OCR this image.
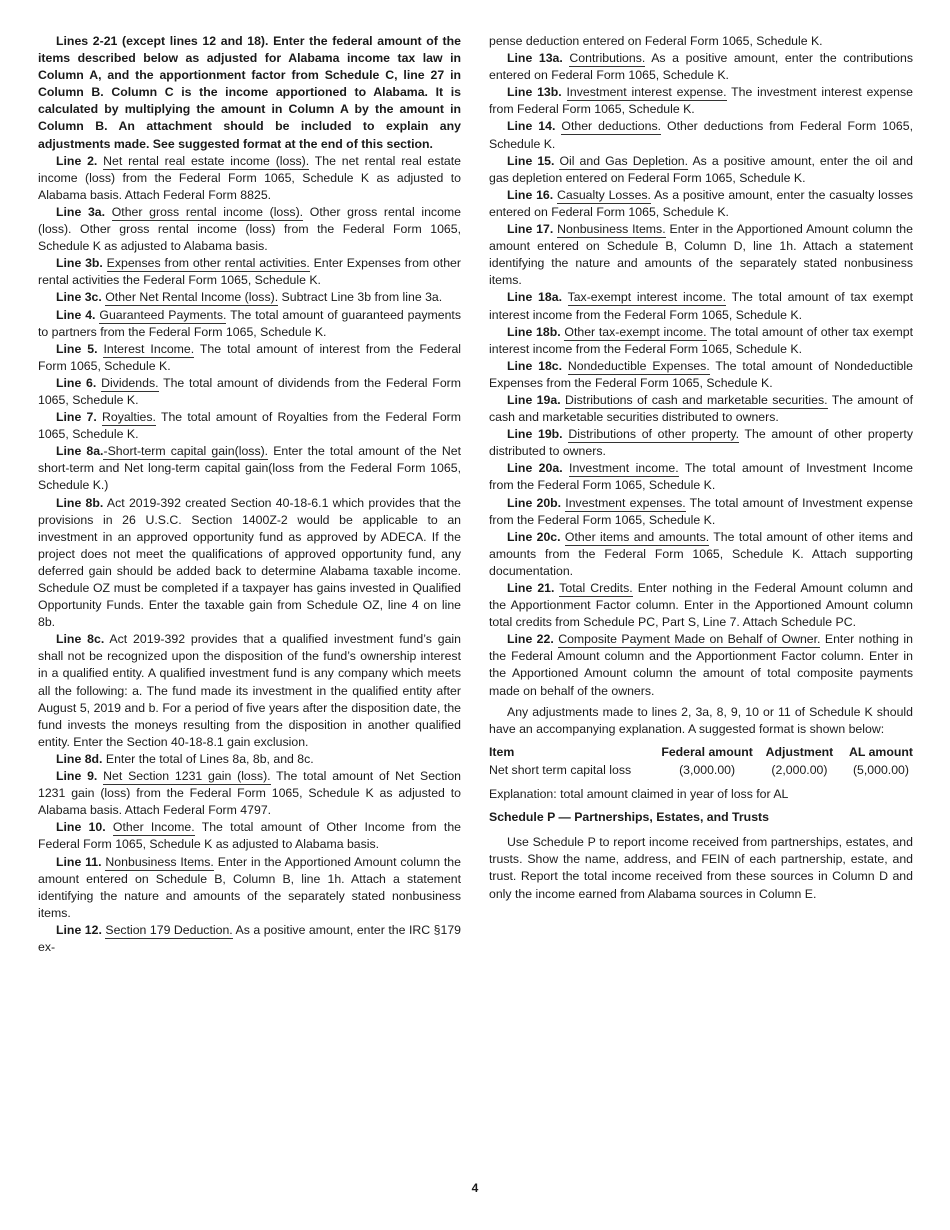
Lines 2-21 (except lines 12 and 18). Enter the federal amount of the items described below as adjusted for Alabama income tax law in Column A, and the apportionment factor from Schedule C, line 27 in Column B. Column C is the income apportioned to Alabama. It is calculated by multiplying the amount in Column A by the amount in Column B. An attachment should be included to explain any adjustments made. See suggested format at the end of this section.

Line 2. Net rental real estate income (loss). The net rental real estate income (loss) from the Federal Form 1065, Schedule K as adjusted to Alabama basis. Attach Federal Form 8825.

Line 3a. Other gross rental income (loss). Other gross rental income (loss). Other gross rental income (loss) from the Federal Form 1065, Schedule K as adjusted to Alabama basis.

Line 3b. Expenses from other rental activities. Enter Expenses from other rental activities the Federal Form 1065, Schedule K.

Line 3c. Other Net Rental Income (loss). Subtract Line 3b from line 3a.

Line 4. Guaranteed Payments. The total amount of guaranteed payments to partners from the Federal Form 1065, Schedule K.

Line 5. Interest Income. The total amount of interest from the Federal Form 1065, Schedule K.

Line 6. Dividends. The total amount of dividends from the Federal Form 1065, Schedule K.

Line 7. Royalties. The total amount of Royalties from the Federal Form 1065, Schedule K.

Line 8a.-Short-term capital gain(loss). Enter the total amount of the Net short-term and Net long-term capital gain(loss from the Federal Form 1065, Schedule K.)

Line 8b. Act 2019-392 created Section 40-18-6.1 which provides that the provisions in 26 U.S.C. Section 1400Z-2 would be applicable to an investment in an approved opportunity fund as approved by ADECA. If the project does not meet the qualifications of approved opportunity fund, any deferred gain should be added back to determine Alabama taxable income. Schedule OZ must be completed if a taxpayer has gains invested in Qualified Opportunity Funds. Enter the taxable gain from Schedule OZ, line 4 on line 8b.

Line 8c. Act 2019-392 provides that a qualified investment fund’s gain shall not be recognized upon the disposition of the fund’s ownership interest in a qualified entity. A qualified investment fund is any company which meets all the following: a. The fund made its investment in the qualified entity after August 5, 2019 and b. For a period of five years after the disposition date, the fund invests the moneys resulting from the disposition in another qualified entity. Enter the Section 40-18-8.1 gain exclusion.

Line 8d. Enter the total of Lines 8a, 8b, and 8c.

Line 9. Net Section 1231 gain (loss). The total amount of Net Section 1231 gain (loss) from the Federal Form 1065, Schedule K as adjusted to Alabama basis. Attach Federal Form 4797.

Line 10. Other Income. The total amount of Other Income from the Federal Form 1065, Schedule K as adjusted to Alabama basis.

Line 11. Nonbusiness Items. Enter in the Apportioned Amount column the amount entered on Schedule B, Column B, line 1h. Attach a statement identifying the nature and amounts of the separately stated nonbusiness items.

Line 12. Section 179 Deduction. As a positive amount, enter the IRC §179 ex-

pense deduction entered on Federal Form 1065, Schedule K.

Line 13a. Contributions. As a positive amount, enter the contributions entered on Federal Form 1065, Schedule K.

Line 13b. Investment interest expense. The investment interest expense from Federal Form 1065, Schedule K.

Line 14. Other deductions. Other deductions from Federal Form 1065, Schedule K.

Line 15. Oil and Gas Depletion. As a positive amount, enter the oil and gas depletion entered on Federal Form 1065, Schedule K.

Line 16. Casualty Losses. As a positive amount, enter the casualty losses entered on Federal Form 1065, Schedule K.

Line 17. Nonbusiness Items. Enter in the Apportioned Amount column the amount entered on Schedule B, Column D, line 1h. Attach a statement identifying the nature and amounts of the separately stated nonbusiness items.

Line 18a. Tax-exempt interest income. The total amount of tax exempt interest income from the Federal Form 1065, Schedule K.

Line 18b. Other tax-exempt income. The total amount of other tax exempt interest income from the Federal Form 1065, Schedule K.

Line 18c. Nondeductible Expenses. The total amount of Nondeductible Expenses from the Federal Form 1065, Schedule K.

Line 19a. Distributions of cash and marketable securities. The amount of cash and marketable securities distributed to owners.

Line 19b. Distributions of other property. The amount of other property distributed to owners.

Line 20a. Investment income. The total amount of Investment Income from the Federal Form 1065, Schedule K.

Line 20b. Investment expenses. The total amount of Investment expense from the Federal Form 1065, Schedule K.

Line 20c. Other items and amounts. The total amount of other items and amounts from the Federal Form 1065, Schedule K. Attach supporting documentation.

Line 21. Total Credits. Enter nothing in the Federal Amount column and the Apportionment Factor column. Enter in the Apportioned Amount column total credits from Schedule PC, Part S, Line 7. Attach Schedule PC.

Line 22. Composite Payment Made on Behalf of Owner. Enter nothing in the Federal Amount column and the Apportionment Factor column. Enter in the Apportioned Amount column the amount of total composite payments made on behalf of the owners.

Any adjustments made to lines 2, 3a, 8, 9, 10 or 11 of Schedule K should have an accompanying explanation. A suggested format is shown below:

Item	Federal amount	Adjustment	AL amount
Net short term capital loss	(3,000.00)	(2,000.00)	(5,000.00)

Explanation: total amount claimed in year of loss for AL

Schedule P — Partnerships, Estates, and Trusts

Use Schedule P to report income received from partnerships, estates, and trusts. Show the name, address, and FEIN of each partnership, estate, and trust. Report the total income received from these sources in Column D and only the income earned from Alabama sources in Column E.

4
